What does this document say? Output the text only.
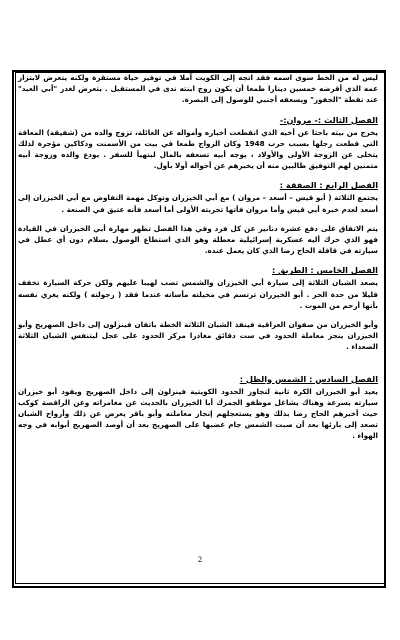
ليس له من الخط سوى اسمه فقد اتجه إلى الكويت آملا في توفير حياة مستقرة ولكنه يتعرض لابتزاز عمه الذي أقرضه خمسين دينارا طمعا أن يكون زوج ابنته ندى في المستقبل . يتعرض لغدر "أبي العبد" عند نقطة "الجفور" ويسعفه أجنبي للوصول إلى البصرة.

الفصل الثالث :- مروان:-

يخرج من بيته باحثا عن أخيه الذي انقطعت أخباره وأمواله عن العائلة، تزوج والده من (شفيقة) المعاقة التي قطعت رجلها بسبب حرب 1948 وكان الزواج طمعا في بيت من الأسمنت ودكاكين مؤجرة لذلك يتخلى عن الزوجة الأولى والأولاد ، يوجه أبيه تسعفه بالمال لبتهيأ للسفر . يودع والده وزوجة أبيه متمنين لهم التوفيق طالبين منه أن يخبرهم عن أحواله أولا بأول.

الفصل الرابع : الصفقة :

يجتمع الثلاثة ( أبو قيس – أسعد – مروان ) مع أبي الخيزران وتوكل مهمة التفاوض مع أبي الخيزران إلى أسعد لعدم خبرة أبي قيس وأما مروان فأتها تجربته الأولى أما أسعد فأنه عتيق في الصنعة .

يتم الاتفاق على دفع عشرة دنانير عن كل فرد وفي هذا الفصل تظهر مهارة أبي الخيزران في القيادة فهو الذي حرك أليه عسكرية إسرائيلية معطلة وهو الذي استطاع الوصول بسلام دون أي عطل في سيارته في قافلة الحاج رضا الذي كان يعمل عنده.

الفصل الخامس : الطريق :

يصعد الشبان الثلاثة إلى سيارة أبي الخيزران والشمس تصب لهيبا عليهم ولكن حركة السيارة تخفف قليلا من حدة الحر . أبو الخيزران ترتسم في مخيلته مأساته عندما فقد ( رجولته ) ولكنه يغري نفسه بأنها أرحم من الموت .

وأبو الخيزران من صفوان العراقية فينفذ الشبان الثلاثة الخطة باتقان فينزلون إلى داخل الصهريج وأبو الخيزران ينجز معاملة الحدود في ست دقائق مغادرا مركز الحدود على عجل ليتنفس الشبان الثلاثة الصعداء .

الفصل السادس : الشمس والظل :

يعيد أبو الخيزران الكرة ثانية لتجاوز الحدود الكويتية فينزلون إلى داخل الصهريج ويقود أبو خيزران سيارته بسرعة وهناك يشاغل موظفو الجمرك أبا الخيزران بالحديث عن مغامراته وعن الراقصة كوكب حيث أخبرهم الحاج رضا بذلك وهو يستعجلهم إنجاز معاملته وأبو باقر يعرض عن ذلك وأرواح الشبان تصعد إلى بارئها بعد أن صبت الشمس جام غضبها على الصهريج بعد أن أوصد الصهريج أبوابه في وجه الهواء .

2
